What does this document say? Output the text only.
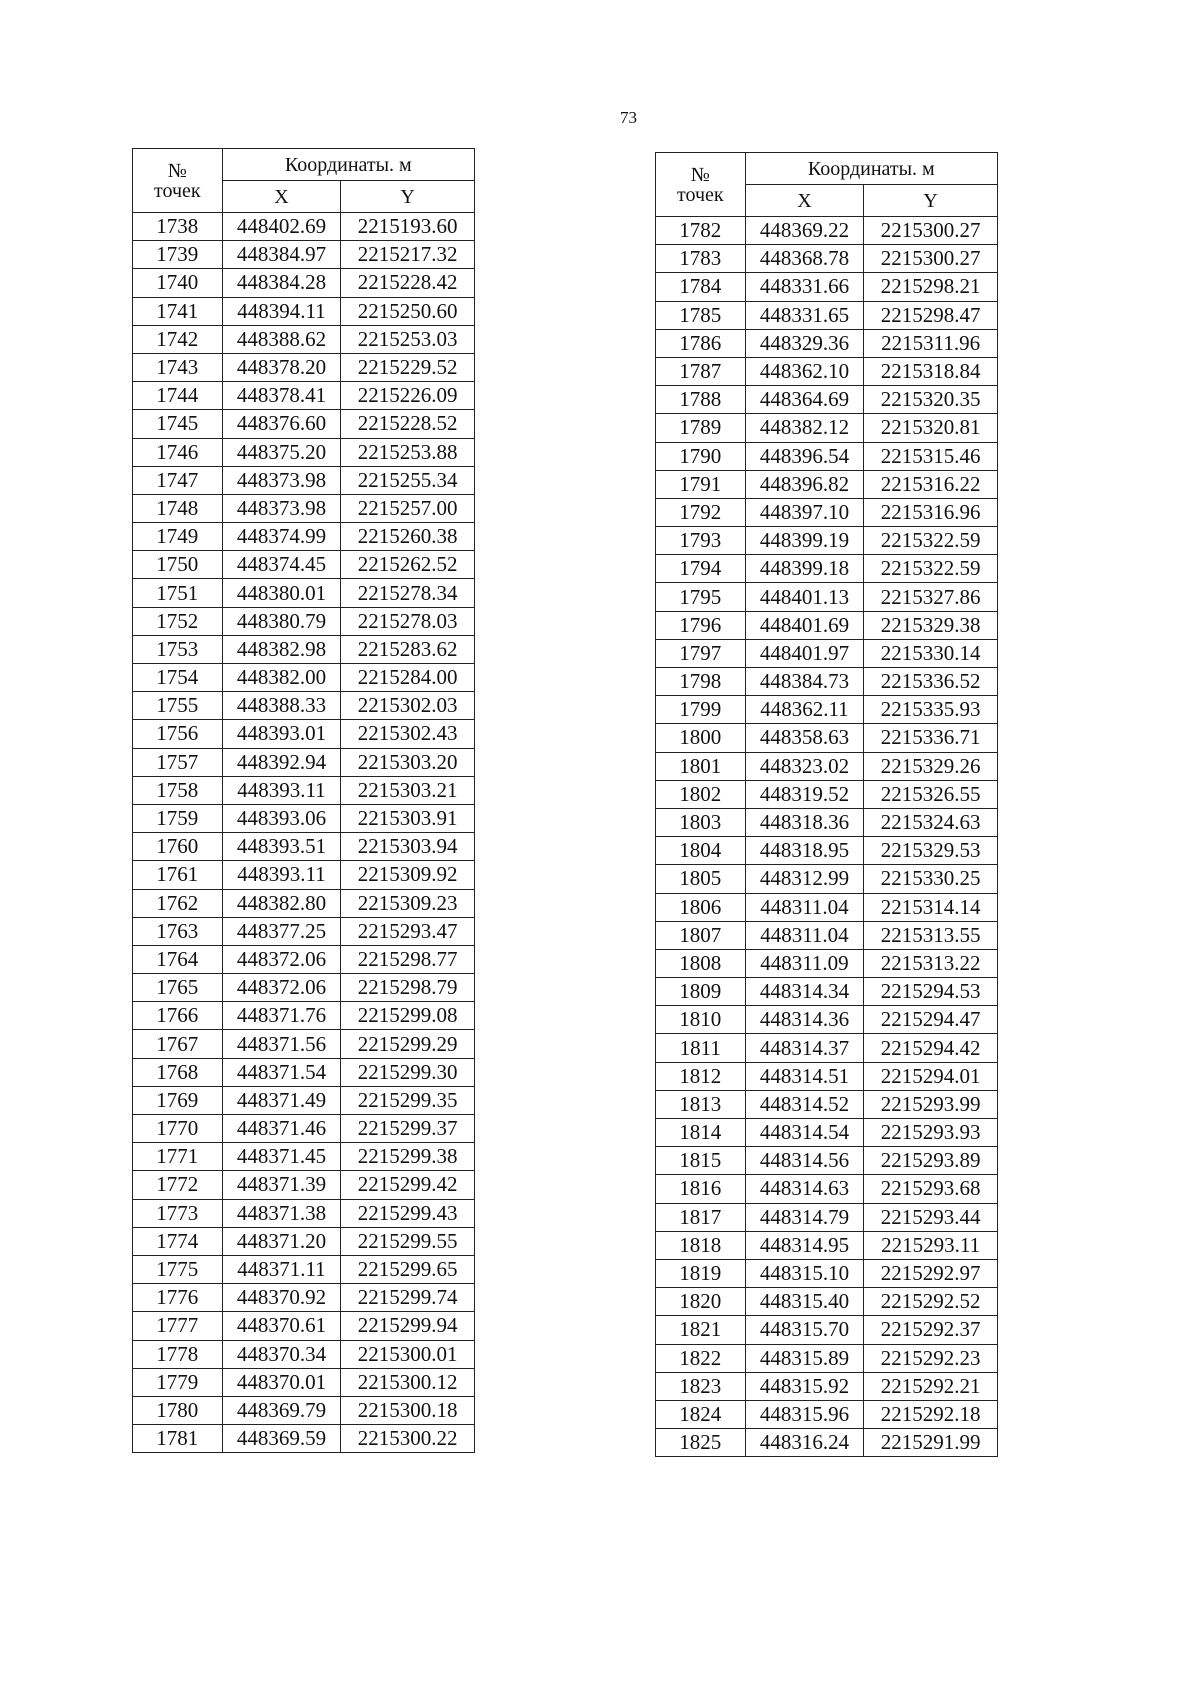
73
№
точек	Координаты. м	
	X	Y
1738	448402.69	2215193.60
1739	448384.97	2215217.32
1740	448384.28	2215228.42
1741	448394.11	2215250.60
1742	448388.62	2215253.03
1743	448378.20	2215229.52
1744	448378.41	2215226.09
1745	448376.60	2215228.52
1746	448375.20	2215253.88
1747	448373.98	2215255.34
1748	448373.98	2215257.00
1749	448374.99	2215260.38
1750	448374.45	2215262.52
1751	448380.01	2215278.34
1752	448380.79	2215278.03
1753	448382.98	2215283.62
1754	448382.00	2215284.00
1755	448388.33	2215302.03
1756	448393.01	2215302.43
1757	448392.94	2215303.20
1758	448393.11	2215303.21
1759	448393.06	2215303.91
1760	448393.51	2215303.94
1761	448393.11	2215309.92
1762	448382.80	2215309.23
1763	448377.25	2215293.47
1764	448372.06	2215298.77
1765	448372.06	2215298.79
1766	448371.76	2215299.08
1767	448371.56	2215299.29
1768	448371.54	2215299.30
1769	448371.49	2215299.35
1770	448371.46	2215299.37
1771	448371.45	2215299.38
1772	448371.39	2215299.42
1773	448371.38	2215299.43
1774	448371.20	2215299.55
1775	448371.11	2215299.65
1776	448370.92	2215299.74
1777	448370.61	2215299.94
1778	448370.34	2215300.01
1779	448370.01	2215300.12
1780	448369.79	2215300.18
1781	448369.59	2215300.22
№
точек	Координаты. м	
	X	Y
1782	448369.22	2215300.27
1783	448368.78	2215300.27
1784	448331.66	2215298.21
1785	448331.65	2215298.47
1786	448329.36	2215311.96
1787	448362.10	2215318.84
1788	448364.69	2215320.35
1789	448382.12	2215320.81
1790	448396.54	2215315.46
1791	448396.82	2215316.22
1792	448397.10	2215316.96
1793	448399.19	2215322.59
1794	448399.18	2215322.59
1795	448401.13	2215327.86
1796	448401.69	2215329.38
1797	448401.97	2215330.14
1798	448384.73	2215336.52
1799	448362.11	2215335.93
1800	448358.63	2215336.71
1801	448323.02	2215329.26
1802	448319.52	2215326.55
1803	448318.36	2215324.63
1804	448318.95	2215329.53
1805	448312.99	2215330.25
1806	448311.04	2215314.14
1807	448311.04	2215313.55
1808	448311.09	2215313.22
1809	448314.34	2215294.53
1810	448314.36	2215294.47
1811	448314.37	2215294.42
1812	448314.51	2215294.01
1813	448314.52	2215293.99
1814	448314.54	2215293.93
1815	448314.56	2215293.89
1816	448314.63	2215293.68
1817	448314.79	2215293.44
1818	448314.95	2215293.11
1819	448315.10	2215292.97
1820	448315.40	2215292.52
1821	448315.70	2215292.37
1822	448315.89	2215292.23
1823	448315.92	2215292.21
1824	448315.96	2215292.18
1825	448316.24	2215291.99
